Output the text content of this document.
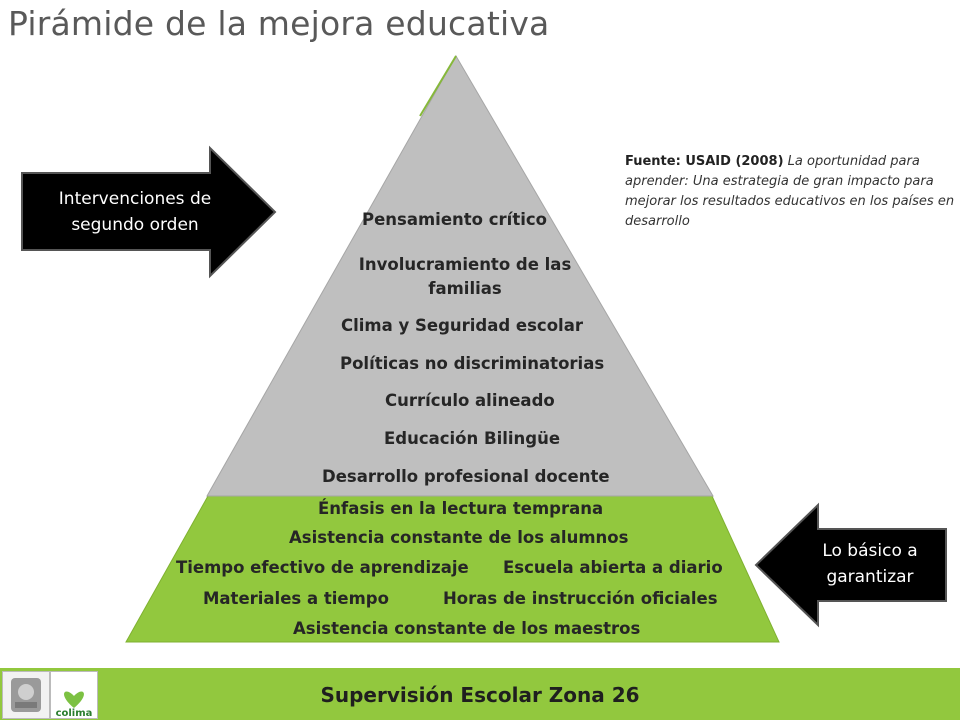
Pirámide de la mejora educativa
Intervenciones de segundo orden
Lo básico a garantizar
Pensamiento crítico
Involucramiento de las familias
Clima y Seguridad escolar
Políticas no discriminatorias
Currículo alineado
Educación Bilingüe
Desarrollo profesional docente
Énfasis en la lectura temprana
Asistencia constante de los alumnos
Tiempo efectivo de aprendizaje Escuela abierta a diario
Materiales a tiempo	Horas de instrucción oficiales
Asistencia constante de los maestros
Fuente: USAID (2008) La oportunidad para aprender: Una estrategia de gran impacto para mejorar los resultados educativos en los países en desarrollo
colima
Supervisión Escolar Zona 26
